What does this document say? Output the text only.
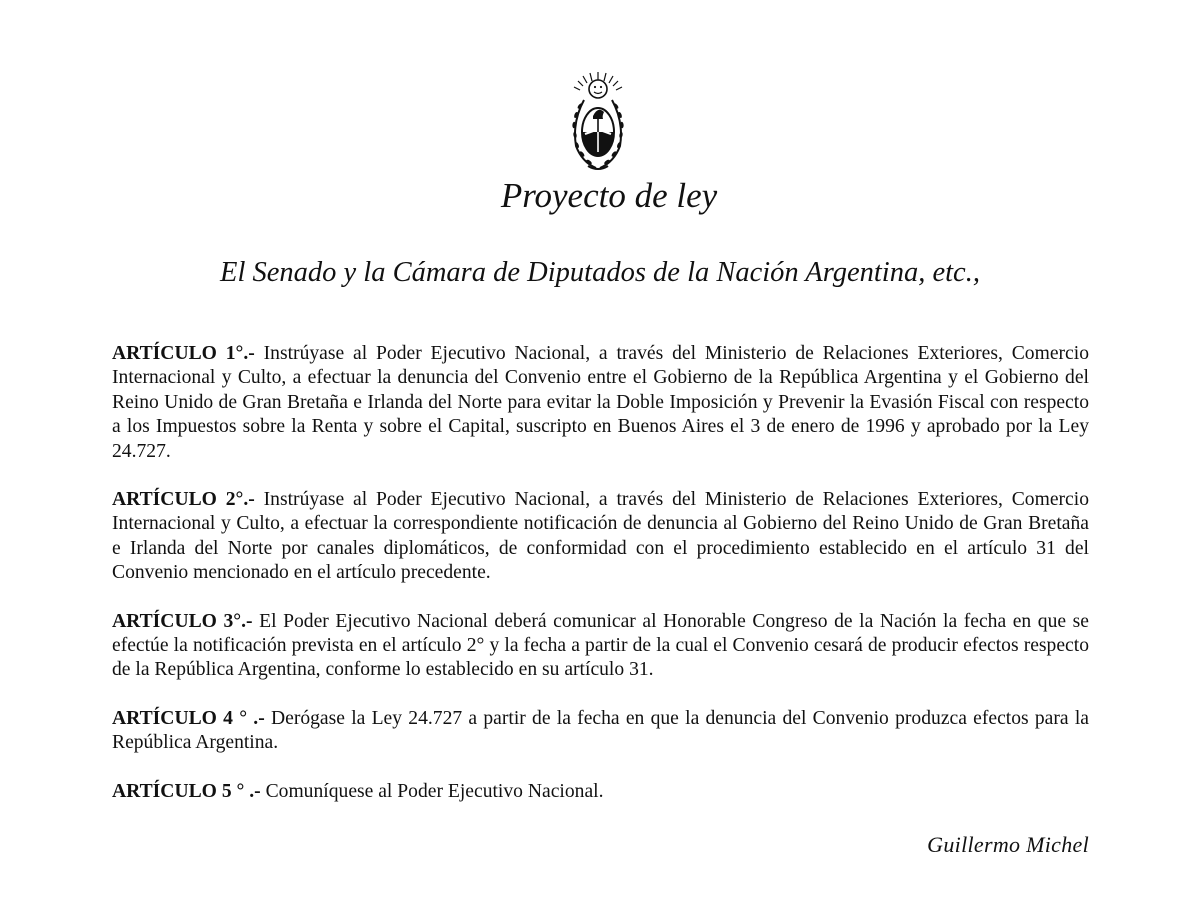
Proyecto de ley
El Senado y la Cámara de Diputados de la Nación Argentina, etc.,

ARTÍCULO 1°.- Instrúyase al Poder Ejecutivo Nacional, a través del Ministerio de Relaciones Exteriores, Comercio Internacional y Culto, a efectuar la denuncia del Convenio entre el Gobierno de la República Argentina y el Gobierno del Reino Unido de Gran Bretaña e Irlanda del Norte para evitar la Doble Imposición y Prevenir la Evasión Fiscal con respecto a los Impuestos sobre la Renta y sobre el Capital, suscripto en Buenos Aires el 3 de enero de 1996 y aprobado por la Ley 24.727.

ARTÍCULO 2°.- Instrúyase al Poder Ejecutivo Nacional, a través del Ministerio de Relaciones Exteriores, Comercio Internacional y Culto, a efectuar la correspondiente notificación de denuncia al Gobierno del Reino Unido de Gran Bretaña e Irlanda del Norte por canales diplomáticos, de conformidad con el procedimiento establecido en el artículo 31 del Convenio mencionado en el artículo precedente.

ARTÍCULO 3°.- El Poder Ejecutivo Nacional deberá comunicar al Honorable Congreso de la Nación la fecha en que se efectúe la notificación prevista en el artículo 2° y la fecha a partir de la cual el Convenio cesará de producir efectos respecto de la República Argentina, conforme lo establecido en su artículo 31.

ARTÍCULO 4 ° .- Derógase la Ley 24.727 a partir de la fecha en que la denuncia del Convenio produzca efectos para la República Argentina.

ARTÍCULO 5 ° .- Comuníquese al Poder Ejecutivo Nacional.

Guillermo Michel
